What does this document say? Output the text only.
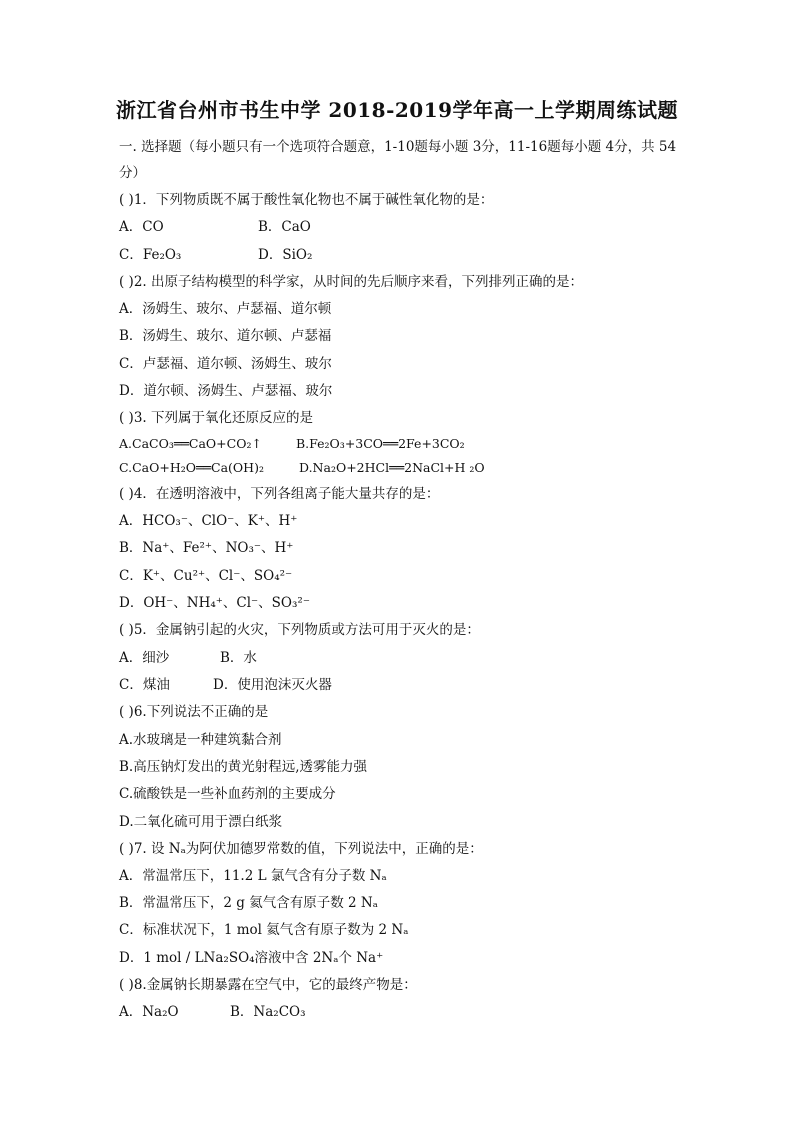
浙江省台州市书生中学 2018-2019学年高一上学期周练试题
一. 选择题（每小题只有一个选项符合题意，1-10题每小题 3分，11-16题每小题 4分，共 54
分）
( )1．下列物质既不属于酸性氧化物也不属于碱性氧化物的是：
A．CO	B．CaO
C．Fe₂O₃	D．SiO₂
( )2. 出原子结构模型的科学家，从时间的先后顺序来看，下列排列正确的是：
A．汤姆生、玻尔、卢瑟福、道尔顿
B．汤姆生、玻尔、道尔顿、卢瑟福
C．卢瑟福、道尔顿、汤姆生、玻尔
D．道尔顿、汤姆生、卢瑟福、玻尔
( )3. 下列属于氧化还原反应的是
A.CaCO₃══CaO+CO₂↑	B.Fe₂O₃+3CO══2Fe+3CO₂
C.CaO+H₂O══Ca(OH)₂	D.Na₂O+2HCl══2NaCl+H ₂O
( )4．在透明溶液中，下列各组离子能大量共存的是：
A．HCO₃⁻、ClO⁻、K⁺、H⁺
B．Na⁺、Fe²⁺、NO₃⁻、H⁺
C．K⁺、Cu²⁺、Cl⁻、SO₄²⁻
D．OH⁻、NH₄⁺、Cl⁻、SO₃²⁻
( )5．金属钠引起的火灾，下列物质或方法可用于灭火的是：
A．细沙	B．水
C．煤油	D．使用泡沫灭火器
( )6.下列说法不正确的是
A.水玻璃是一种建筑黏合剂
B.高压钠灯发出的黄光射程远,透雾能力强
C.硫酸铁是一些补血药剂的主要成分
D.二氧化硫可用于漂白纸浆
( )7. 设 Nₐ为阿伏加德罗常数的值，下列说法中，正确的是：
A．常温常压下，11.2 L 氯气含有分子数 Nₐ
B．常温常压下，2 g 氦气含有原子数 2 Nₐ
C．标准状况下，1 mol 氦气含有原子数为 2 Nₐ
D．1 mol / LNa₂SO₄溶液中含 2Nₐ个 Na⁺
( )8.金属钠长期暴露在空气中，它的最终产物是：
A．Na₂O	B．Na₂CO₃
